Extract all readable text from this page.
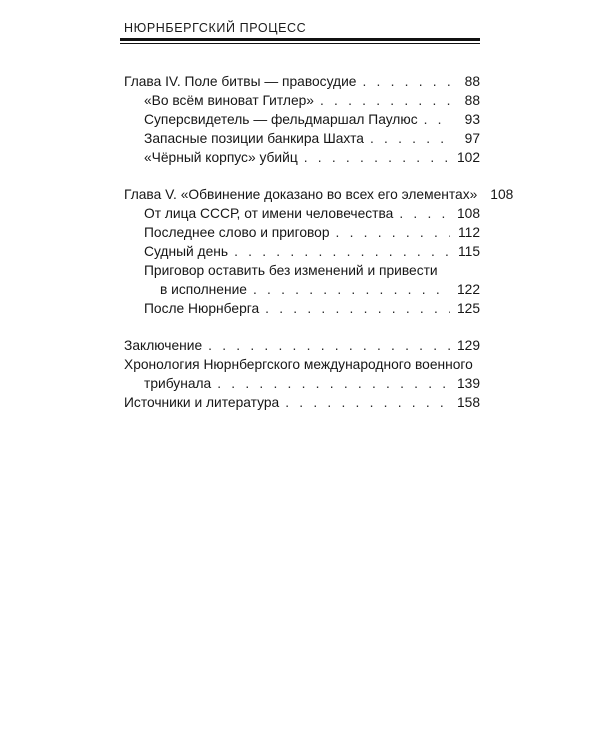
НЮРНБЕРГСКИЙ ПРОЦЕСС
Глава IV. Поле битвы — правосудие . . .	88
«Во всём виноват Гитлер» . . .	88
Суперсвидетель — фельдмаршал Паулюс . . .	93
Запасные позиции банкира Шахта . . .	97
«Чёрный корпус» убийц . . .	102
Глава V. «Обвинение доказано во всех его элементах» 108
От лица СССР, от имени человечества . . .	108
Последнее слово и приговор . . .	112
Судный день . . .	115
Приговор оставить без изменений и привести
в исполнение . . .	122
После Нюрнберга . . .	125
Заключение . . .	129
Хронология Нюрнбергского международного военного
трибунала . . .	139
Источники и литература . . .	158
